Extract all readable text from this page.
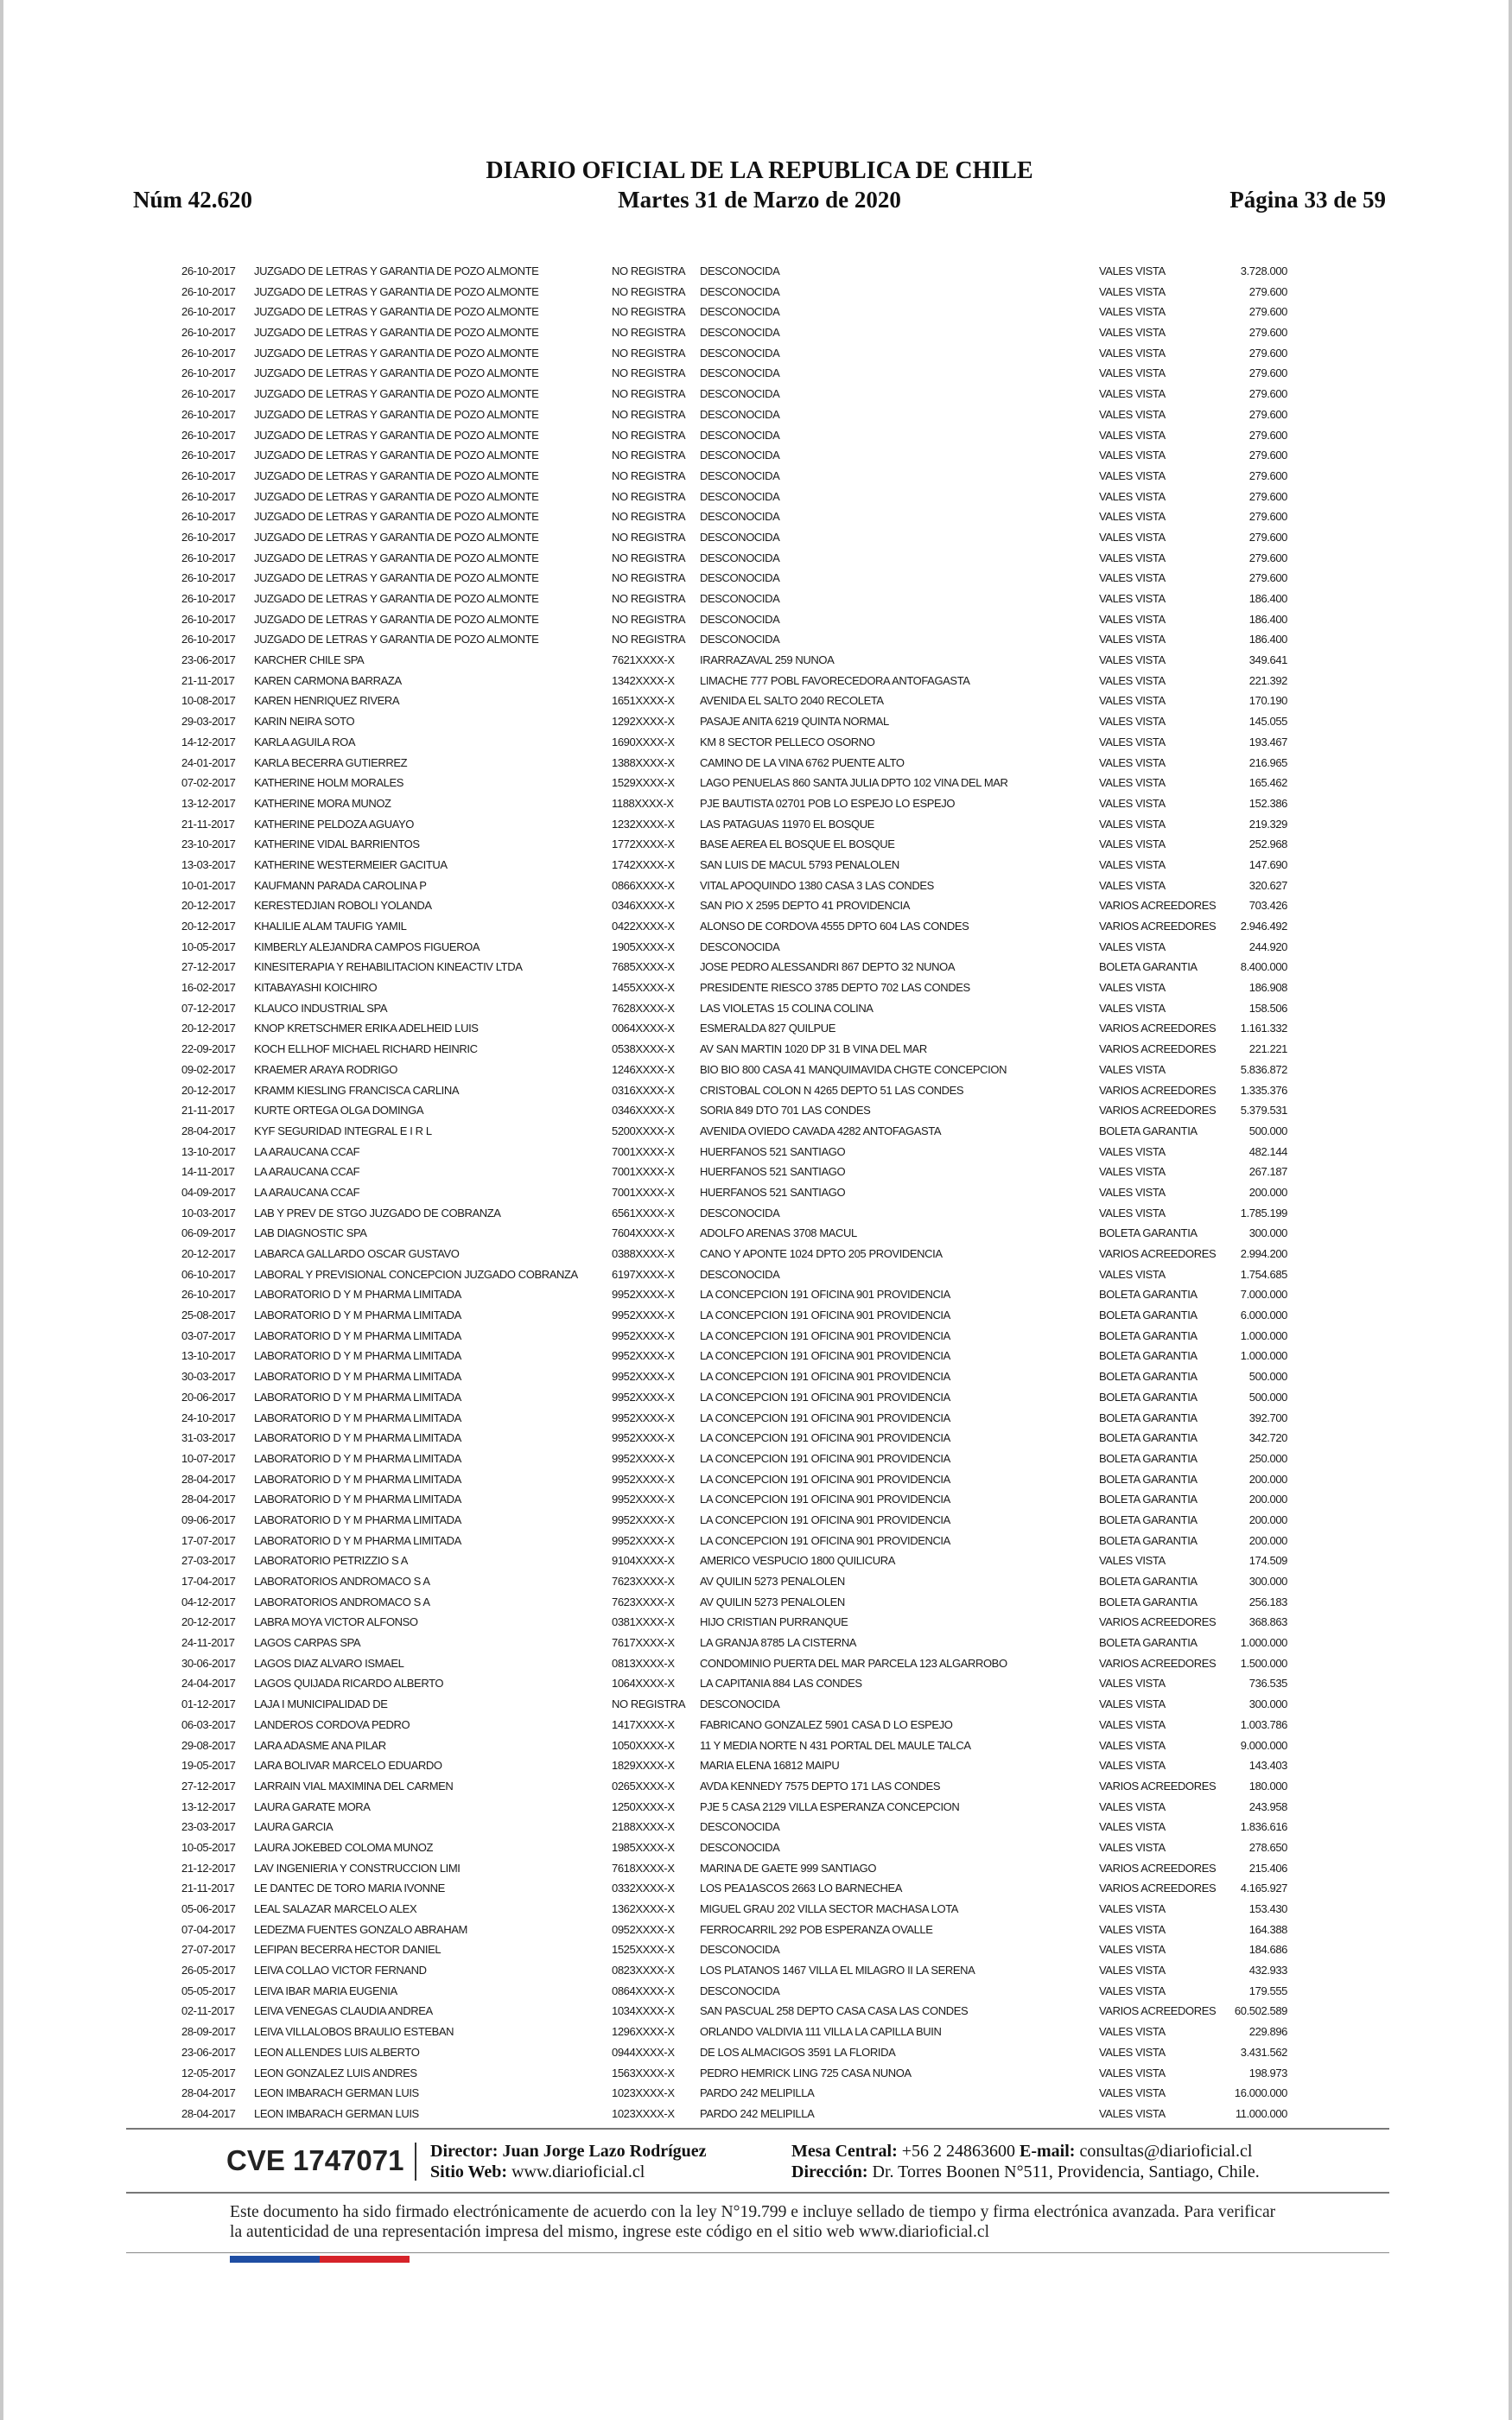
Núm 42.620
DIARIO OFICIAL DE LA REPUBLICA DE CHILE
Martes 31 de Marzo de 2020	Página 33 de 59
26-10-2017 JUZGADO DE LETRAS Y GARANTIA DE POZO ALMONTE	NO REGISTRA DESCONOCIDA	VALES VISTA	3.728.000
26-10-2017 JUZGADO DE LETRAS Y GARANTIA DE POZO ALMONTE	NO REGISTRA DESCONOCIDA	VALES VISTA	279.600
26-10-2017 JUZGADO DE LETRAS Y GARANTIA DE POZO ALMONTE	NO REGISTRA DESCONOCIDA	VALES VISTA	279.600
26-10-2017 JUZGADO DE LETRAS Y GARANTIA DE POZO ALMONTE	NO REGISTRA DESCONOCIDA	VALES VISTA	279.600
26-10-2017 JUZGADO DE LETRAS Y GARANTIA DE POZO ALMONTE	NO REGISTRA DESCONOCIDA	VALES VISTA	279.600
26-10-2017 JUZGADO DE LETRAS Y GARANTIA DE POZO ALMONTE	NO REGISTRA DESCONOCIDA	VALES VISTA	279.600
26-10-2017 JUZGADO DE LETRAS Y GARANTIA DE POZO ALMONTE	NO REGISTRA DESCONOCIDA	VALES VISTA	279.600
26-10-2017 JUZGADO DE LETRAS Y GARANTIA DE POZO ALMONTE	NO REGISTRA DESCONOCIDA	VALES VISTA	279.600
26-10-2017 JUZGADO DE LETRAS Y GARANTIA DE POZO ALMONTE	NO REGISTRA DESCONOCIDA	VALES VISTA	279.600
26-10-2017 JUZGADO DE LETRAS Y GARANTIA DE POZO ALMONTE	NO REGISTRA DESCONOCIDA	VALES VISTA	279.600
26-10-2017 JUZGADO DE LETRAS Y GARANTIA DE POZO ALMONTE	NO REGISTRA DESCONOCIDA	VALES VISTA	279.600
26-10-2017 JUZGADO DE LETRAS Y GARANTIA DE POZO ALMONTE	NO REGISTRA DESCONOCIDA	VALES VISTA	279.600
26-10-2017 JUZGADO DE LETRAS Y GARANTIA DE POZO ALMONTE	NO REGISTRA DESCONOCIDA	VALES VISTA	279.600
26-10-2017 JUZGADO DE LETRAS Y GARANTIA DE POZO ALMONTE	NO REGISTRA DESCONOCIDA	VALES VISTA	279.600
26-10-2017 JUZGADO DE LETRAS Y GARANTIA DE POZO ALMONTE	NO REGISTRA DESCONOCIDA	VALES VISTA	279.600
26-10-2017 JUZGADO DE LETRAS Y GARANTIA DE POZO ALMONTE	NO REGISTRA DESCONOCIDA	VALES VISTA	279.600
26-10-2017 JUZGADO DE LETRAS Y GARANTIA DE POZO ALMONTE	NO REGISTRA DESCONOCIDA	VALES VISTA	186.400
26-10-2017 JUZGADO DE LETRAS Y GARANTIA DE POZO ALMONTE	NO REGISTRA DESCONOCIDA	VALES VISTA	186.400
26-10-2017 JUZGADO DE LETRAS Y GARANTIA DE POZO ALMONTE	NO REGISTRA DESCONOCIDA	VALES VISTA	186.400
23-06-2017 KARCHER CHILE SPA	7621XXXX-X IRARRAZAVAL 259 NUNOA	VALES VISTA	349.641
21-11-2017 KAREN CARMONA BARRAZA	1342XXXX-X LIMACHE 777 POBL FAVORECEDORA ANTOFAGASTA	VALES VISTA	221.392
10-08-2017 KAREN HENRIQUEZ RIVERA	1651XXXX-X AVENIDA EL SALTO 2040 RECOLETA	VALES VISTA	170.190
29-03-2017 KARIN NEIRA SOTO	1292XXXX-X PASAJE ANITA 6219 QUINTA NORMAL	VALES VISTA	145.055
14-12-2017 KARLA AGUILA ROA	1690XXXX-X KM 8 SECTOR PELLECO OSORNO	VALES VISTA	193.467
24-01-2017 KARLA BECERRA GUTIERREZ	1388XXXX-X CAMINO DE LA VINA 6762 PUENTE ALTO	VALES VISTA	216.965
07-02-2017 KATHERINE HOLM MORALES	1529XXXX-X LAGO PENUELAS 860 SANTA JULIA DPTO 102 VINA DEL MAR	VALES VISTA	165.462
13-12-2017 KATHERINE MORA MUNOZ	1188XXXX-X PJE BAUTISTA 02701 POB LO ESPEJO LO ESPEJO	VALES VISTA	152.386
21-11-2017 KATHERINE PELDOZA AGUAYO	1232XXXX-X LAS PATAGUAS 11970 EL BOSQUE	VALES VISTA	219.329
23-10-2017 KATHERINE VIDAL BARRIENTOS	1772XXXX-X BASE AEREA EL BOSQUE EL BOSQUE	VALES VISTA	252.968
13-03-2017 KATHERINE WESTERMEIER GACITUA	1742XXXX-X SAN LUIS DE MACUL 5793 PENALOLEN	VALES VISTA	147.690
10-01-2017 KAUFMANN PARADA CAROLINA P	0866XXXX-X VITAL APOQUINDO 1380 CASA 3 LAS CONDES	VALES VISTA	320.627
20-12-2017 KERESTEDJIAN ROBOLI YOLANDA	0346XXXX-X SAN PIO X 2595 DEPTO 41 PROVIDENCIA	VARIOS ACREEDORES	703.426
20-12-2017 KHALILIE ALAM TAUFIG YAMIL	0422XXXX-X ALONSO DE CORDOVA 4555 DPTO 604 LAS CONDES	VARIOS ACREEDORES	2.946.492
10-05-2017 KIMBERLY ALEJANDRA CAMPOS FIGUEROA	1905XXXX-X DESCONOCIDA	VALES VISTA	244.920
27-12-2017 KINESITERAPIA Y REHABILITACION KINEACTIV LTDA	7685XXXX-X JOSE PEDRO ALESSANDRI 867 DEPTO 32 NUNOA	BOLETA GARANTIA	8.400.000
16-02-2017 KITABAYASHI KOICHIRO	1455XXXX-X PRESIDENTE RIESCO 3785 DEPTO 702 LAS CONDES	VALES VISTA	186.908
07-12-2017 KLAUCO INDUSTRIAL SPA	7628XXXX-X LAS VIOLETAS 15 COLINA COLINA	VALES VISTA	158.506
20-12-2017 KNOP KRETSCHMER ERIKA ADELHEID LUIS	0064XXXX-X ESMERALDA 827 QUILPUE	VARIOS ACREEDORES	1.161.332
22-09-2017 KOCH ELLHOF MICHAEL RICHARD HEINRIC	0538XXXX-X AV SAN MARTIN 1020 DP 31 B VINA DEL MAR	VARIOS ACREEDORES	221.221
09-02-2017 KRAEMER ARAYA RODRIGO	1246XXXX-X BIO BIO 800 CASA 41 MANQUIMAVIDA CHGTE CONCEPCION	VALES VISTA	5.836.872
20-12-2017 KRAMM KIESLING FRANCISCA CARLINA	0316XXXX-X CRISTOBAL COLON N 4265 DEPTO 51 LAS CONDES	VARIOS ACREEDORES	1.335.376
21-11-2017 KURTE ORTEGA OLGA DOMINGA	0346XXXX-X SORIA 849 DTO 701 LAS CONDES	VARIOS ACREEDORES	5.379.531
28-04-2017 KYF SEGURIDAD INTEGRAL E I R L	5200XXXX-X AVENIDA OVIEDO CAVADA 4282 ANTOFAGASTA	BOLETA GARANTIA	500.000
13-10-2017 LA ARAUCANA CCAF	7001XXXX-X HUERFANOS 521 SANTIAGO	VALES VISTA	482.144
14-11-2017 LA ARAUCANA CCAF	7001XXXX-X HUERFANOS 521 SANTIAGO	VALES VISTA	267.187
04-09-2017 LA ARAUCANA CCAF	7001XXXX-X HUERFANOS 521 SANTIAGO	VALES VISTA	200.000
10-03-2017 LAB Y PREV DE STGO JUZGADO DE COBRANZA	6561XXXX-X DESCONOCIDA	VALES VISTA	1.785.199
06-09-2017 LAB DIAGNOSTIC SPA	7604XXXX-X ADOLFO ARENAS 3708 MACUL	BOLETA GARANTIA	300.000
20-12-2017 LABARCA GALLARDO OSCAR GUSTAVO	0388XXXX-X CANO Y APONTE 1024 DPTO 205 PROVIDENCIA	VARIOS ACREEDORES	2.994.200
06-10-2017 LABORAL Y PREVISIONAL CONCEPCION JUZGADO COBRANZA	6197XXXX-X DESCONOCIDA	VALES VISTA	1.754.685
26-10-2017 LABORATORIO D Y M PHARMA LIMITADA	9952XXXX-X LA CONCEPCION 191 OFICINA 901 PROVIDENCIA	BOLETA GARANTIA	7.000.000
25-08-2017 LABORATORIO D Y M PHARMA LIMITADA	9952XXXX-X LA CONCEPCION 191 OFICINA 901 PROVIDENCIA	BOLETA GARANTIA	6.000.000
03-07-2017 LABORATORIO D Y M PHARMA LIMITADA	9952XXXX-X LA CONCEPCION 191 OFICINA 901 PROVIDENCIA	BOLETA GARANTIA	1.000.000
13-10-2017 LABORATORIO D Y M PHARMA LIMITADA	9952XXXX-X LA CONCEPCION 191 OFICINA 901 PROVIDENCIA	BOLETA GARANTIA	1.000.000
30-03-2017 LABORATORIO D Y M PHARMA LIMITADA	9952XXXX-X LA CONCEPCION 191 OFICINA 901 PROVIDENCIA	BOLETA GARANTIA	500.000
20-06-2017 LABORATORIO D Y M PHARMA LIMITADA	9952XXXX-X LA CONCEPCION 191 OFICINA 901 PROVIDENCIA	BOLETA GARANTIA	500.000
24-10-2017 LABORATORIO D Y M PHARMA LIMITADA	9952XXXX-X LA CONCEPCION 191 OFICINA 901 PROVIDENCIA	BOLETA GARANTIA	392.700
31-03-2017 LABORATORIO D Y M PHARMA LIMITADA	9952XXXX-X LA CONCEPCION 191 OFICINA 901 PROVIDENCIA	BOLETA GARANTIA	342.720
10-07-2017 LABORATORIO D Y M PHARMA LIMITADA	9952XXXX-X LA CONCEPCION 191 OFICINA 901 PROVIDENCIA	BOLETA GARANTIA	250.000
28-04-2017 LABORATORIO D Y M PHARMA LIMITADA	9952XXXX-X LA CONCEPCION 191 OFICINA 901 PROVIDENCIA	BOLETA GARANTIA	200.000
28-04-2017 LABORATORIO D Y M PHARMA LIMITADA	9952XXXX-X LA CONCEPCION 191 OFICINA 901 PROVIDENCIA	BOLETA GARANTIA	200.000
09-06-2017 LABORATORIO D Y M PHARMA LIMITADA	9952XXXX-X LA CONCEPCION 191 OFICINA 901 PROVIDENCIA	BOLETA GARANTIA	200.000
17-07-2017 LABORATORIO D Y M PHARMA LIMITADA	9952XXXX-X LA CONCEPCION 191 OFICINA 901 PROVIDENCIA	BOLETA GARANTIA	200.000
27-03-2017 LABORATORIO PETRIZZIO S A	9104XXXX-X AMERICO VESPUCIO 1800 QUILICURA	VALES VISTA	174.509
17-04-2017 LABORATORIOS ANDROMACO S A	7623XXXX-X AV QUILIN 5273 PENALOLEN	BOLETA GARANTIA	300.000
04-12-2017 LABORATORIOS ANDROMACO S A	7623XXXX-X AV QUILIN 5273 PENALOLEN	BOLETA GARANTIA	256.183
20-12-2017 LABRA MOYA VICTOR ALFONSO	0381XXXX-X HIJO CRISTIAN PURRANQUE	VARIOS ACREEDORES	368.863
24-11-2017 LAGOS CARPAS SPA	7617XXXX-X LA GRANJA 8785 LA CISTERNA	BOLETA GARANTIA	1.000.000
30-06-2017 LAGOS DIAZ ALVARO ISMAEL	0813XXXX-X CONDOMINIO PUERTA DEL MAR PARCELA 123 ALGARROBO	VARIOS ACREEDORES	1.500.000
24-04-2017 LAGOS QUIJADA RICARDO ALBERTO	1064XXXX-X LA CAPITANIA 884 LAS CONDES	VALES VISTA	736.535
01-12-2017 LAJA I MUNICIPALIDAD DE	NO REGISTRA DESCONOCIDA	VALES VISTA	300.000
06-03-2017 LANDEROS CORDOVA PEDRO	1417XXXX-X FABRICANO GONZALEZ 5901 CASA D LO ESPEJO	VALES VISTA	1.003.786
29-08-2017 LARA ADASME ANA PILAR	1050XXXX-X 11 Y MEDIA NORTE N 431 PORTAL DEL MAULE TALCA	VALES VISTA	9.000.000
19-05-2017 LARA BOLIVAR MARCELO EDUARDO	1829XXXX-X MARIA ELENA 16812 MAIPU	VALES VISTA	143.403
27-12-2017 LARRAIN VIAL MAXIMINA DEL CARMEN	0265XXXX-X AVDA KENNEDY 7575 DEPTO 171 LAS CONDES	VARIOS ACREEDORES	180.000
13-12-2017 LAURA GARATE MORA	1250XXXX-X PJE 5 CASA 2129 VILLA ESPERANZA CONCEPCION	VALES VISTA	243.958
23-03-2017 LAURA GARCIA	2188XXXX-X DESCONOCIDA	VALES VISTA	1.836.616
10-05-2017 LAURA JOKEBED COLOMA MUNOZ	1985XXXX-X DESCONOCIDA	VALES VISTA	278.650
21-12-2017 LAV INGENIERIA Y CONSTRUCCION LIMI	7618XXXX-X MARINA DE GAETE 999 SANTIAGO	VARIOS ACREEDORES	215.406
21-11-2017 LE DANTEC DE TORO MARIA IVONNE	0332XXXX-X LOS PEA1ASCOS 2663 LO BARNECHEA	VARIOS ACREEDORES	4.165.927
05-06-2017 LEAL SALAZAR MARCELO ALEX	1362XXXX-X MIGUEL GRAU 202 VILLA SECTOR MACHASA LOTA	VALES VISTA	153.430
07-04-2017 LEDEZMA FUENTES GONZALO ABRAHAM	0952XXXX-X FERROCARRIL 292 POB ESPERANZA OVALLE	VALES VISTA	164.388
27-07-2017 LEFIPAN BECERRA HECTOR DANIEL	1525XXXX-X DESCONOCIDA	VALES VISTA	184.686
26-05-2017 LEIVA COLLAO VICTOR FERNAND	0823XXXX-X LOS PLATANOS 1467 VILLA EL MILAGRO II LA SERENA	VALES VISTA	432.933
05-05-2017 LEIVA IBAR MARIA EUGENIA	0864XXXX-X DESCONOCIDA	VALES VISTA	179.555
02-11-2017 LEIVA VENEGAS CLAUDIA ANDREA	1034XXXX-X SAN PASCUAL 258 DEPTO CASA CASA LAS CONDES	VARIOS ACREEDORES	60.502.589
28-09-2017 LEIVA VILLALOBOS BRAULIO ESTEBAN	1296XXXX-X ORLANDO VALDIVIA 111 VILLA LA CAPILLA BUIN	VALES VISTA	229.896
23-06-2017 LEON ALLENDES LUIS ALBERTO	0944XXXX-X DE LOS ALMACIGOS 3591 LA FLORIDA	VALES VISTA	3.431.562
12-05-2017 LEON GONZALEZ LUIS ANDRES	1563XXXX-X PEDRO HEMRICK LING 725 CASA NUNOA	VALES VISTA	198.973
28-04-2017 LEON IMBARACH GERMAN LUIS	1023XXXX-X PARDO 242 MELIPILLA	VALES VISTA	16.000.000
28-04-2017 LEON IMBARACH GERMAN LUIS	1023XXXX-X PARDO 242 MELIPILLA	VALES VISTA	11.000.000
CVE 1747071 Director: Juan Jorge Lazo Rodríguez
Sitio Web: www.diarioficial.cl
Mesa Central: +56 2 24863600 E-mail: consultas@diarioficial.cl
Dirección: Dr. Torres Boonen N°511, Providencia, Santiago, Chile.
Este documento ha sido firmado electrónicamente de acuerdo con la ley N°19.799 e incluye sellado de tiempo y firma electrónica avanzada. Para verificar la autenticidad de una representación impresa del mismo, ingrese este código en el sitio web www.diarioficial.cl
